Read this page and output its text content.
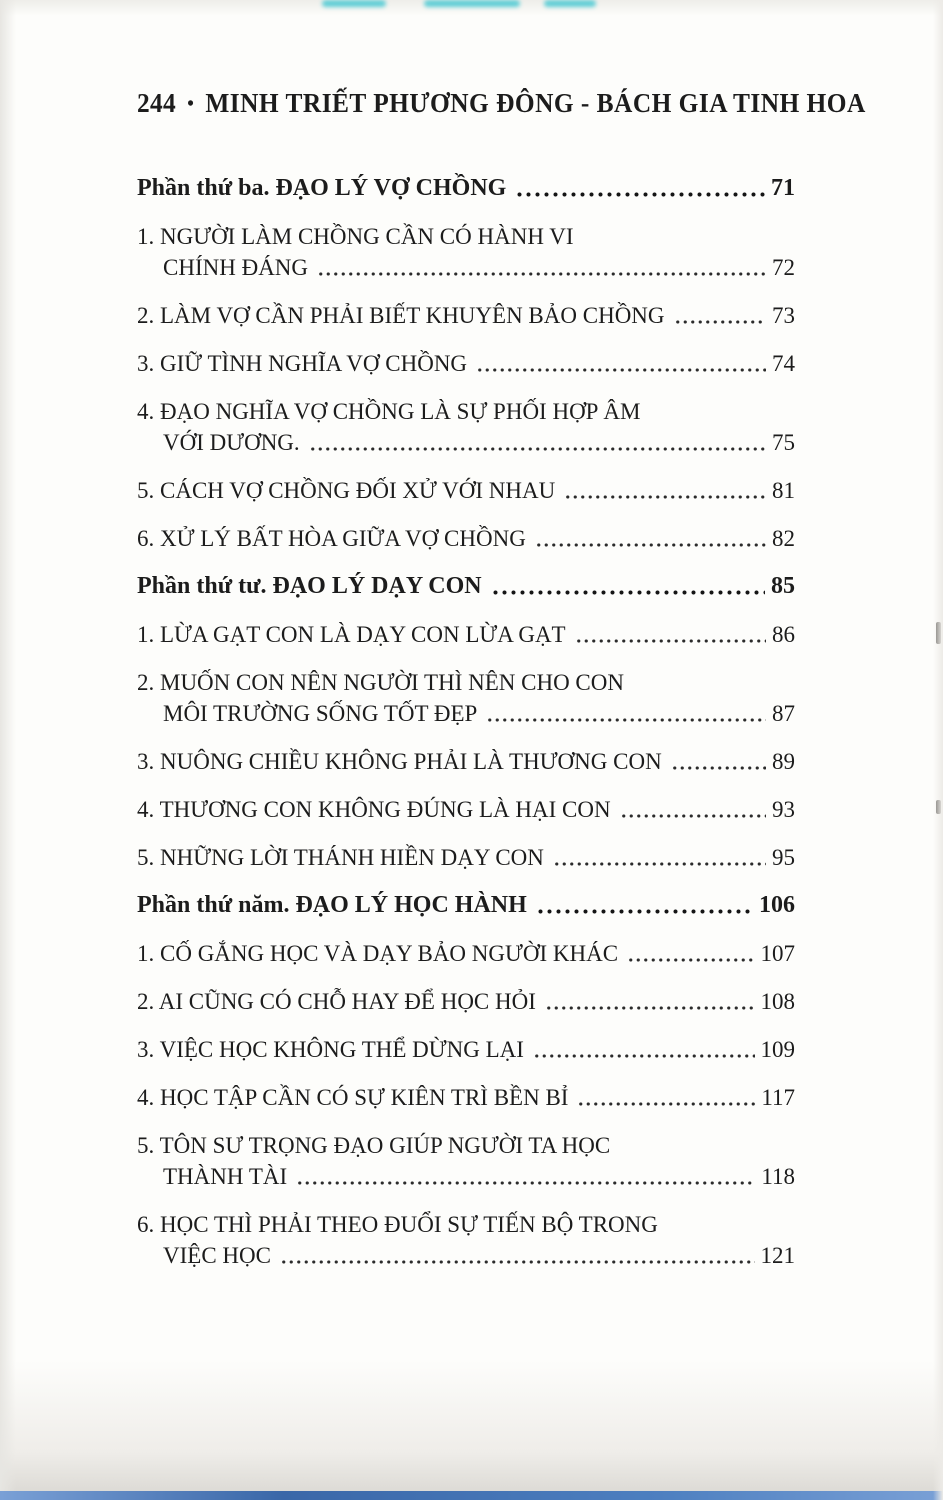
244 • MINH TRIẾT PHƯƠNG ĐÔNG - BÁCH GIA TINH HOA
Phần thứ ba. ĐẠO LÝ VỢ CHỒNG	71
1. NGƯỜI LÀM CHỒNG CẦN CÓ HÀNH VI
CHÍNH ĐÁNG	72
2. LÀM VỢ CẦN PHẢI BIẾT KHUYÊN BẢO CHỒNG	73
3. GIỮ TÌNH NGHĨA VỢ CHỒNG	74
4. ĐẠO NGHĨA VỢ CHỒNG LÀ SỰ PHỐI HỢP ÂM
VỚI DƯƠNG.	75
5. CÁCH VỢ CHỒNG ĐỐI XỬ VỚI NHAU	81
6. XỬ LÝ BẤT HÒA GIỮA VỢ CHỒNG	82
Phần thứ tư. ĐẠO LÝ DẠY CON	85
1. LỪA GẠT CON LÀ DẠY CON LỪA GẠT	86
2. MUỐN CON NÊN NGƯỜI THÌ NÊN CHO CON
MÔI TRƯỜNG SỐNG TỐT ĐẸP	87
3. NUÔNG CHIỀU KHÔNG PHẢI LÀ THƯƠNG CON	89
4. THƯƠNG CON KHÔNG ĐÚNG LÀ HẠI CON	93
5. NHỮNG LỜI THÁNH HIỀN DẠY CON	95
Phần thứ năm. ĐẠO LÝ HỌC HÀNH	106
1. CỐ GẮNG HỌC VÀ DẠY BẢO NGƯỜI KHÁC	107
2. AI CŨNG CÓ CHỖ HAY ĐỂ HỌC HỎI	108
3. VIỆC HỌC KHÔNG THỂ DỪNG LẠI	109
4. HỌC TẬP CẦN CÓ SỰ KIÊN TRÌ BỀN BỈ	117
5. TÔN SƯ TRỌNG ĐẠO GIÚP NGƯỜI TA HỌC
THÀNH TÀI	118
6. HỌC THÌ PHẢI THEO ĐUỔI SỰ TIẾN BỘ TRONG
VIỆC HỌC	121
